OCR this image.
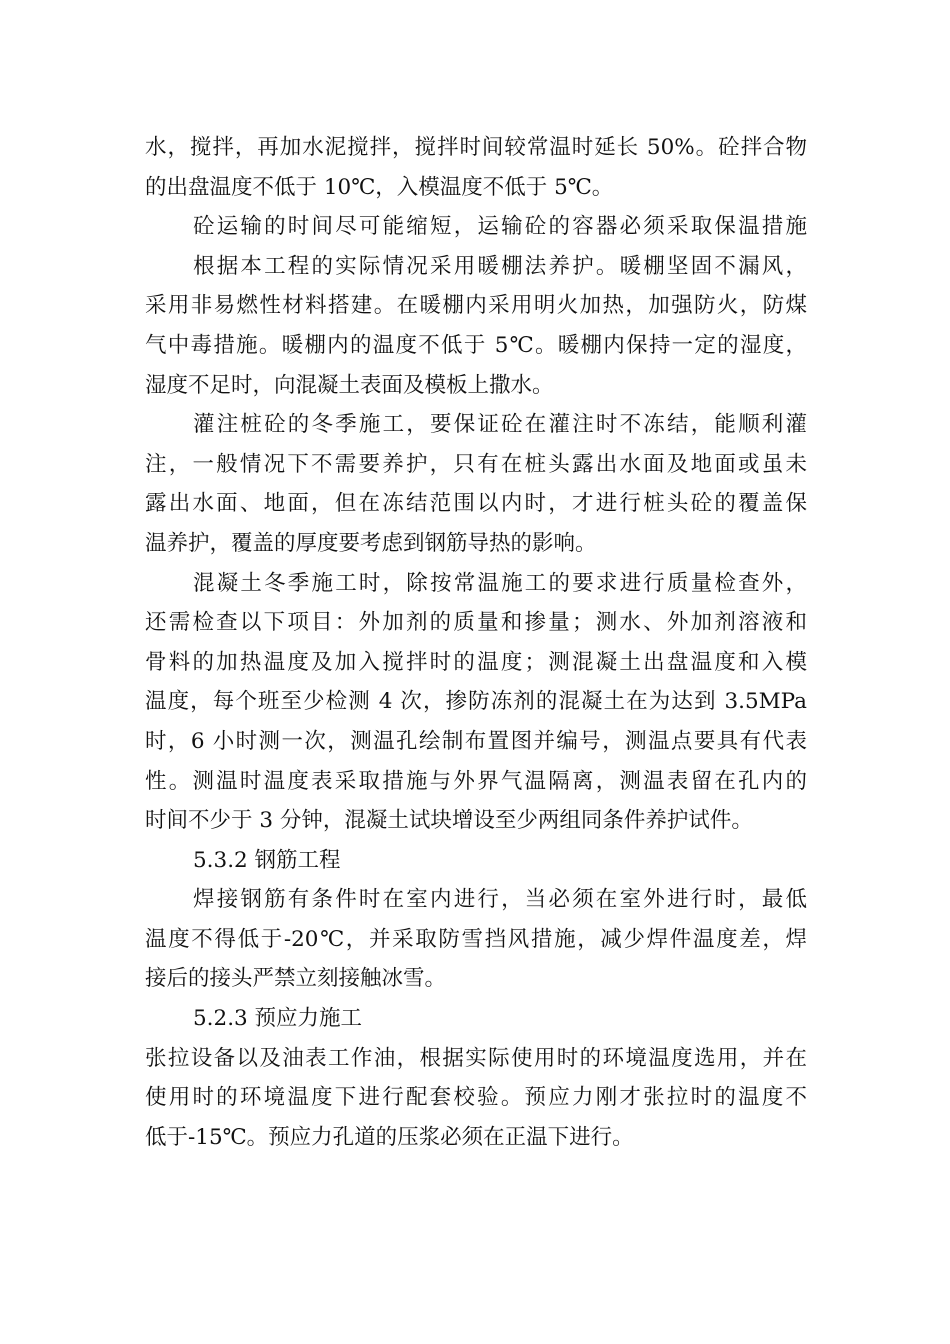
水，搅拌，再加水泥搅拌，搅拌时间较常温时延长 50%。砼拌合物
的出盘温度不低于 10℃，入模温度不低于 5℃。
砼运输的时间尽可能缩短，运输砼的容器必须采取保温措施
根据本工程的实际情况采用暖棚法养护。暖棚坚固不漏风，
采用非易燃性材料搭建。在暖棚内采用明火加热，加强防火，防煤
气中毒措施。暖棚内的温度不低于 5℃。暖棚内保持一定的湿度，
湿度不足时，向混凝土表面及模板上撒水。
灌注桩砼的冬季施工，要保证砼在灌注时不冻结，能顺利灌
注，一般情况下不需要养护，只有在桩头露出水面及地面或虽未
露出水面、地面，但在冻结范围以内时，才进行桩头砼的覆盖保
温养护，覆盖的厚度要考虑到钢筋导热的影响。
混凝土冬季施工时，除按常温施工的要求进行质量检查外，
还需检查以下项目：外加剂的质量和掺量；测水、外加剂溶液和
骨料的加热温度及加入搅拌时的温度；测混凝土出盘温度和入模
温度，每个班至少检测 4 次，掺防冻剂的混凝土在为达到 3.5MPa
时，6 小时测一次，测温孔绘制布置图并编号，测温点要具有代表
性。测温时温度表采取措施与外界气温隔离，测温表留在孔内的
时间不少于 3 分钟，混凝土试块增设至少两组同条件养护试件。
5.3.2 钢筋工程
焊接钢筋有条件时在室内进行，当必须在室外进行时，最低
温度不得低于-20℃，并采取防雪挡风措施，减少焊件温度差，焊
接后的接头严禁立刻接触冰雪。
5.2.3 预应力施工
张拉设备以及油表工作油，根据实际使用时的环境温度选用，并在
使用时的环境温度下进行配套校验。预应力刚才张拉时的温度不
低于-15℃。预应力孔道的压浆必须在正温下进行。
